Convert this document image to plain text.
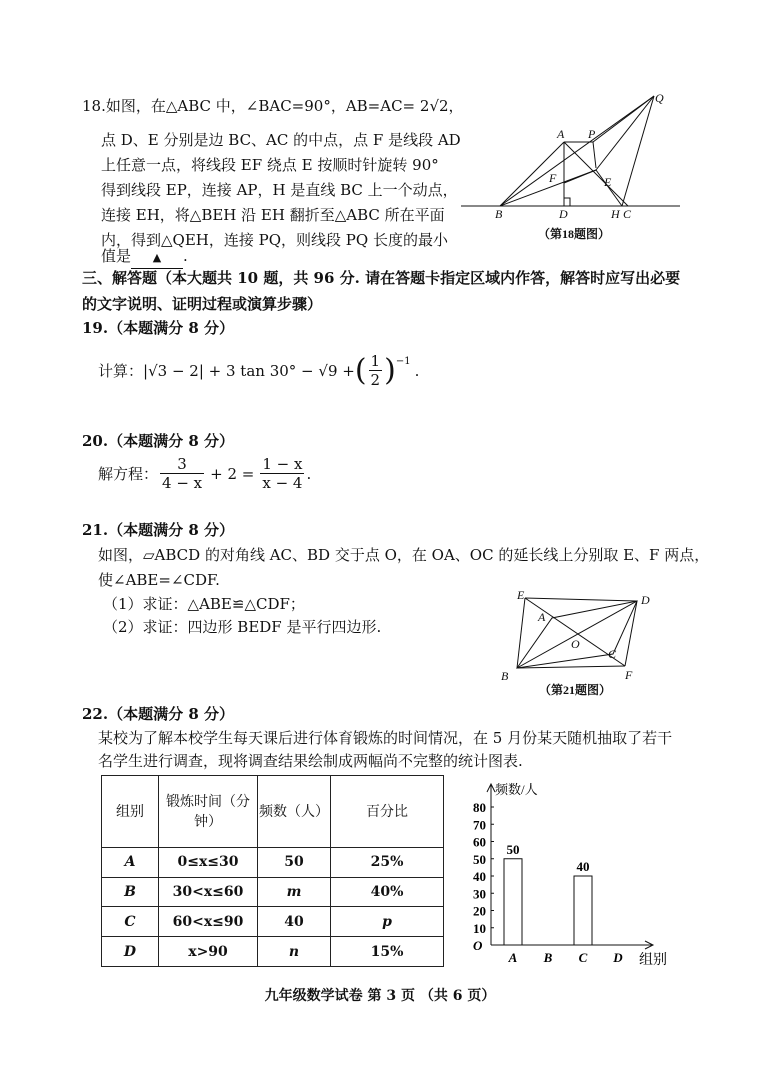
18.如图，在△ABC 中，∠BAC=90°，AB=AC= 2√2，
点 D、E 分别是边 BC、AC 的中点，点 F 是线段 AD
上任意一点，将线段 EF 绕点 E 按顺时针旋转 90°
得到线段 EP，连接 AP，H 是直线 BC 上一个动点，
连接 EH，将△BEH 沿 EH 翻折至△ABC 所在平面
内，得到△QEH，连接 PQ，则线段 PQ 长度的最小
值是 ▲ .
Q
A P
F	E
B	D	H C
（第18题图）
三、解答题（本大题共 10 题，共 96 分. 请在答题卡指定区域内作答，解答时应写出必要
的文字说明、证明过程或演算步骤）
19.（本题满分 8 分）
计算： |√3 − 2| + 3 tan 30° − √9 + ( $\frac{1}{2} )^{-1}$ .
20.（本题满分 8 分）
解方程： $\frac{3}{4 - x} + 2 = \frac{1 - x}{x - 4}$ .
21.（本题满分 8 分）
如图，▱ABCD 的对角线 AC、BD 交于点 O，在 OA、OC 的延长线上分别取 E、F 两点，
使∠ABE=∠CDF.
（1）求证：△ABE≌△CDF；
（2）求证：四边形 BEDF 是平行四边形.
E	D
A
O
C
B	F
（第21题图）
22.（本题满分 8 分）
某校为了解本校学生每天课后进行体育锻炼的时间情况，在 5 月份某天随机抽取了若干
名学生进行调查，现将调查结果绘制成两幅尚不完整的统计图表.
组别	锻炼时间（分钟）	频数（人）	百分比
A	0≤x≤30	50	25%
B	30<x≤60	m	40%
C	60<x≤90	40	p
D	x>90	n	15%
频数/人
组别
O
10
20
30
40
50
60
70
80
A
50
B C
40
D
九年级数学试卷 第 3 页 （共 6 页）
